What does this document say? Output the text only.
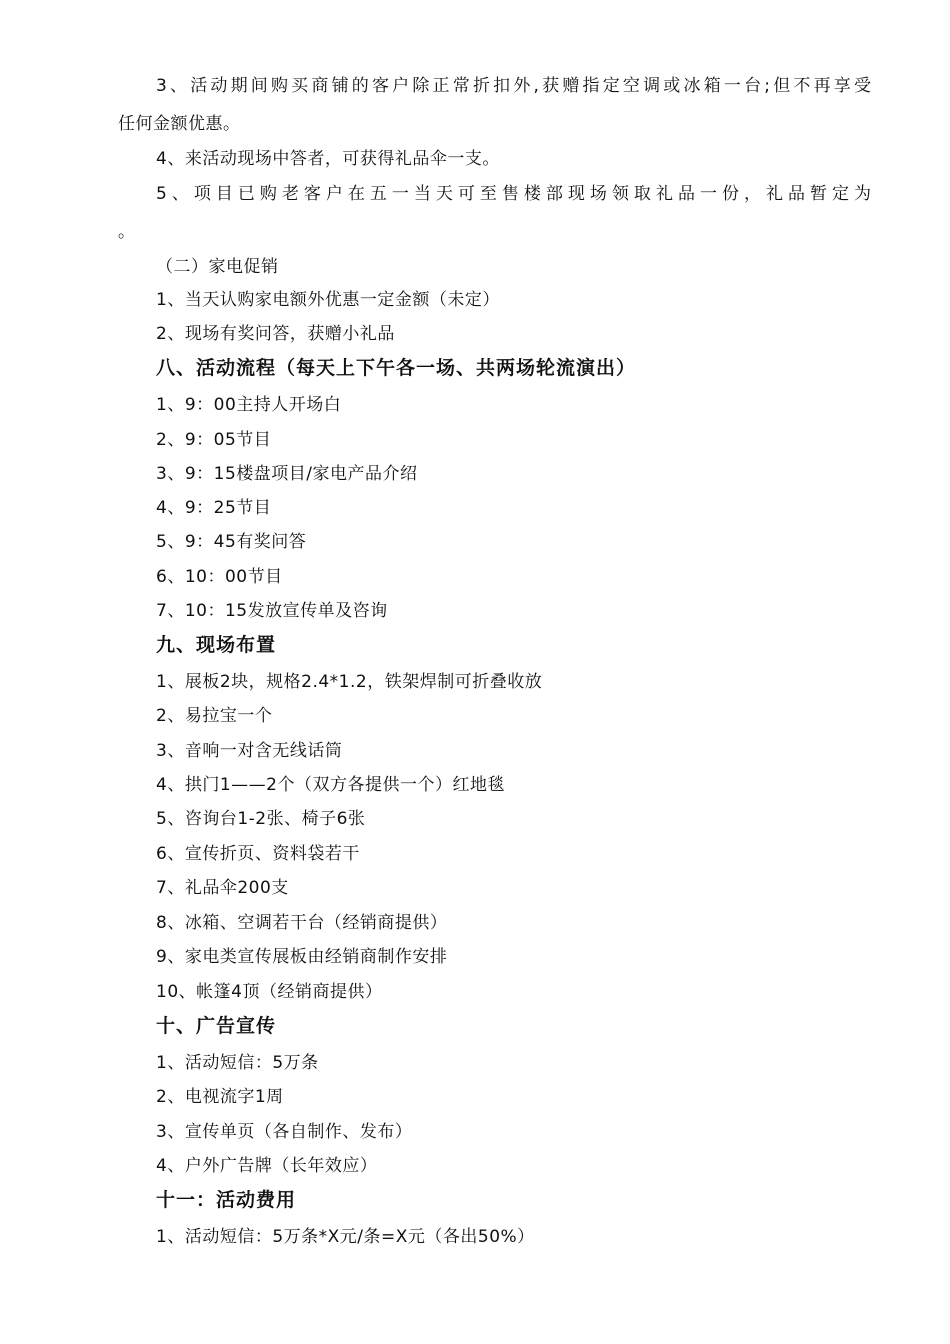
3、活动期间购买商铺的客户除正常折扣外,获赠指定空调或冰箱一台;但不再享受
任何金额优惠。
4、来活动现场中答者，可获得礼品伞一支。
5、项目已购老客户在五一当天可至售楼部现场领取礼品一份，礼品暂定为
。
（二）家电促销
1、当天认购家电额外优惠一定金额（未定）
2、现场有奖问答，获赠小礼品
八、活动流程（每天上下午各一场、共两场轮流演出）
1、9：00主持人开场白
2、9：05节目
3、9：15楼盘项目/家电产品介绍
4、9：25节目
5、9：45有奖问答
6、10：00节目
7、10：15发放宣传单及咨询
九、现场布置
1、展板2块，规格2.4*1.2，铁架焊制可折叠收放
2、易拉宝一个
3、音响一对含无线话筒
4、拱门1——2个（双方各提供一个）红地毯
5、咨询台1-2张、椅子6张
6、宣传折页、资料袋若干
7、礼品伞200支
8、冰箱、空调若干台（经销商提供）
9、家电类宣传展板由经销商制作安排
10、帐篷4顶（经销商提供）
十、广告宣传
1、活动短信：5万条
2、电视流字1周
3、宣传单页（各自制作、发布）
4、户外广告牌（长年效应）
十一：活动费用
1、活动短信：5万条*X元/条=X元（各出50%）
